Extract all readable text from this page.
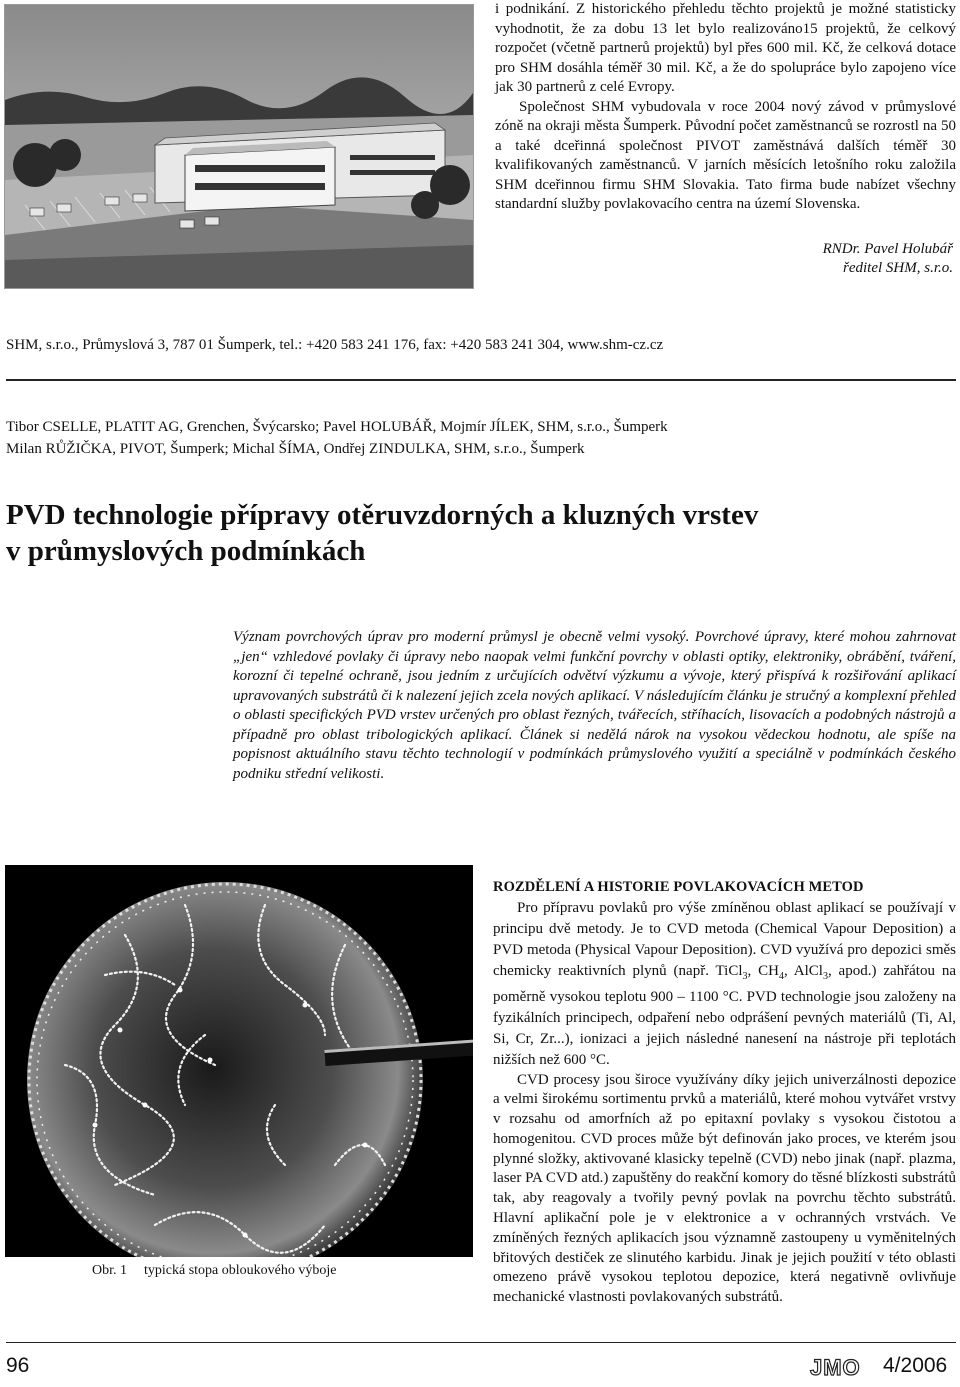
i podnikání. Z historického přehledu těchto projektů je možné statisticky vyhodnotit, že za dobu 13 let bylo realizováno15 projektů, že celkový rozpočet (včetně partnerů projektů) byl přes 600 mil. Kč, že celková dotace pro SHM dosáhla téměř 30 mil. Kč, a že do spolupráce bylo zapojeno více jak 30 partnerů z celé Evropy.

Společnost SHM vybudovala v roce 2004 nový závod v průmyslové zóně na okraji města Šumperk. Původní počet zaměstnanců se rozrostl na 50 a také dceřinná společnost PIVOT zaměstnává dalších téměř 30 kvalifikovaných zaměstnanců. V jarních měsících letošního roku založila SHM dceřinnou firmu SHM Slovakia. Tato firma bude nabízet všechny standardní služby povlakovacího centra na území Slovenska.

RNDr. Pavel Holubář
ředitel SHM, s.r.o.
SHM, s.r.o., Průmyslová 3, 787 01 Šumperk, tel.: +420 583 241 176, fax: +420 583 241 304, www.shm-cz.cz
Tibor CSELLE, PLATIT AG, Grenchen, Švýcarsko; Pavel HOLUBÁŘ, Mojmír JÍLEK, SHM, s.r.o., Šumperk
Milan RŮŽIČKA, PIVOT, Šumperk; Michal ŠÍMA, Ondřej ZINDULKA, SHM, s.r.o., Šumperk
PVD technologie přípravy otěruvzdorných a kluzných vrstev
v průmyslových podmínkách
Význam povrchových úprav pro moderní průmysl je obecně velmi vysoký. Povrchové úpravy, které mohou zahrnovat „jen“ vzhledové povlaky či úpravy nebo naopak velmi funkční povrchy v oblasti optiky, elektroniky, obrábění, tváření, korozní či tepelné ochraně, jsou jedním z určujících odvětví výzkumu a vývoje, který přispívá k rozšiřování aplikací upravovaných substrátů či k nalezení jejich zcela nových aplikací. V následujícím článku je stručný a komplexní přehled o oblasti specifických PVD vrstev určených pro oblast řezných, tvářecích, stříhacích, lisovacích a podobných nástrojů a případně pro oblast tribologických aplikací. Článek si nedělá nárok na vysokou vědeckou hodnotu, ale spíše na popisnost aktuálního stavu těchto technologií v podmínkách průmyslového využití a speciálně v podmínkách českého podniku střední velikosti.
Obr. 1 typická stopa obloukového výboje
ROZDĚLENÍ A HISTORIE POVLAKOVACÍCH METOD

Pro přípravu povlaků pro výše zmíněnou oblast aplikací se používají v principu dvě metody. Je to CVD metoda (Chemical Vapour Deposition) a PVD metoda (Physical Vapour Deposition). CVD využívá pro depozici směs chemicky reaktivních plynů (např. TiCl$_3$, $CH_4$, AlCl$_3$, apod.) zahřátou na poměrně vysokou teplotu 900 – 1100 °C. PVD technologie jsou založeny na fyzikálních principech, odpaření nebo odprášení pevných materiálů (Ti, Al, Si, Cr, Zr...), ionizaci a jejich následné nanesení na nástroje při teplotách nižších než 600 °C.

CVD procesy jsou široce využívány díky jejich univerzálnosti depozice a velmi širokému sortimentu prvků a materiálů, které mohou vytvářet vrstvy v rozsahu od amorfních až po epitaxní povlaky s vysokou čistotou a homogenitou. CVD proces může být definován jako proces, ve kterém jsou plynné složky, aktivované klasicky tepelně (CVD) nebo jinak (např. plazma, laser PA CVD atd.) zapuštěny do reakční komory do těsné blízkosti substrátů tak, aby reagovaly a tvořily pevný povlak na povrchu těchto substrátů. Hlavní aplikační pole je v elektronice a v ochranných vrstvách. Ve zmíněných řezných aplikacích jsou významně zastoupeny u vyměnitelných břitových destiček ze slinutého karbidu. Jinak je jejich použití v této oblasti omezeno právě vysokou teplotou depozice, která negativně ovlivňuje mechanické vlastnosti povlakovaných substrátů.

96	JMO 4/2006
